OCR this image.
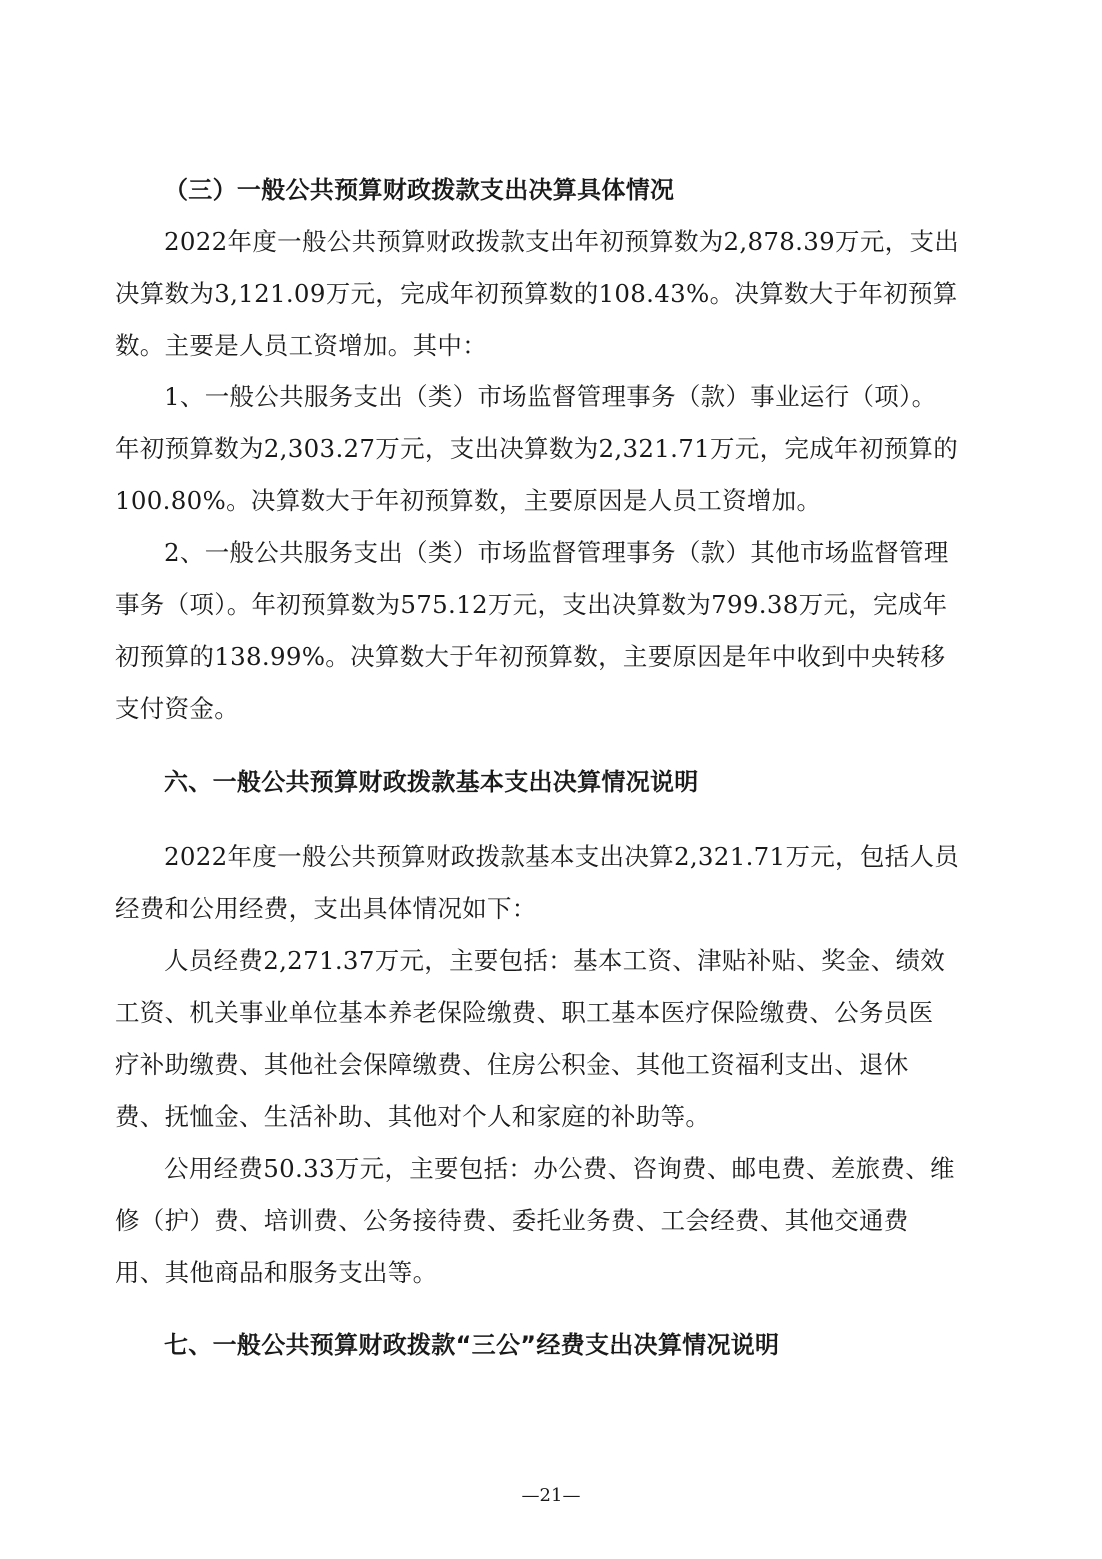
（三）一般公共预算财政拨款支出决算具体情况
2022年度一般公共预算财政拨款支出年初预算数为2,878.39万元，支出
决算数为3,121.09万元，完成年初预算数的108.43%。决算数大于年初预算
数。主要是人员工资增加。其中：
1、一般公共服务支出（类）市场监督管理事务（款）事业运行（项）。
年初预算数为2,303.27万元，支出决算数为2,321.71万元，完成年初预算的
100.80%。决算数大于年初预算数，主要原因是人员工资增加。
2、一般公共服务支出（类）市场监督管理事务（款）其他市场监督管理
事务（项）。年初预算数为575.12万元，支出决算数为799.38万元，完成年
初预算的138.99%。决算数大于年初预算数，主要原因是年中收到中央转移
支付资金。
六、一般公共预算财政拨款基本支出决算情况说明
2022年度一般公共预算财政拨款基本支出决算2,321.71万元，包括人员
经费和公用经费，支出具体情况如下：
人员经费2,271.37万元，主要包括：基本工资、津贴补贴、奖金、绩效
工资、机关事业单位基本养老保险缴费、职工基本医疗保险缴费、公务员医
疗补助缴费、其他社会保障缴费、住房公积金、其他工资福利支出、退休
费、抚恤金、生活补助、其他对个人和家庭的补助等。
公用经费50.33万元，主要包括：办公费、咨询费、邮电费、差旅费、维
修（护）费、培训费、公务接待费、委托业务费、工会经费、其他交通费
用、其他商品和服务支出等。
七、一般公共预算财政拨款“三公”经费支出决算情况说明
—21—
